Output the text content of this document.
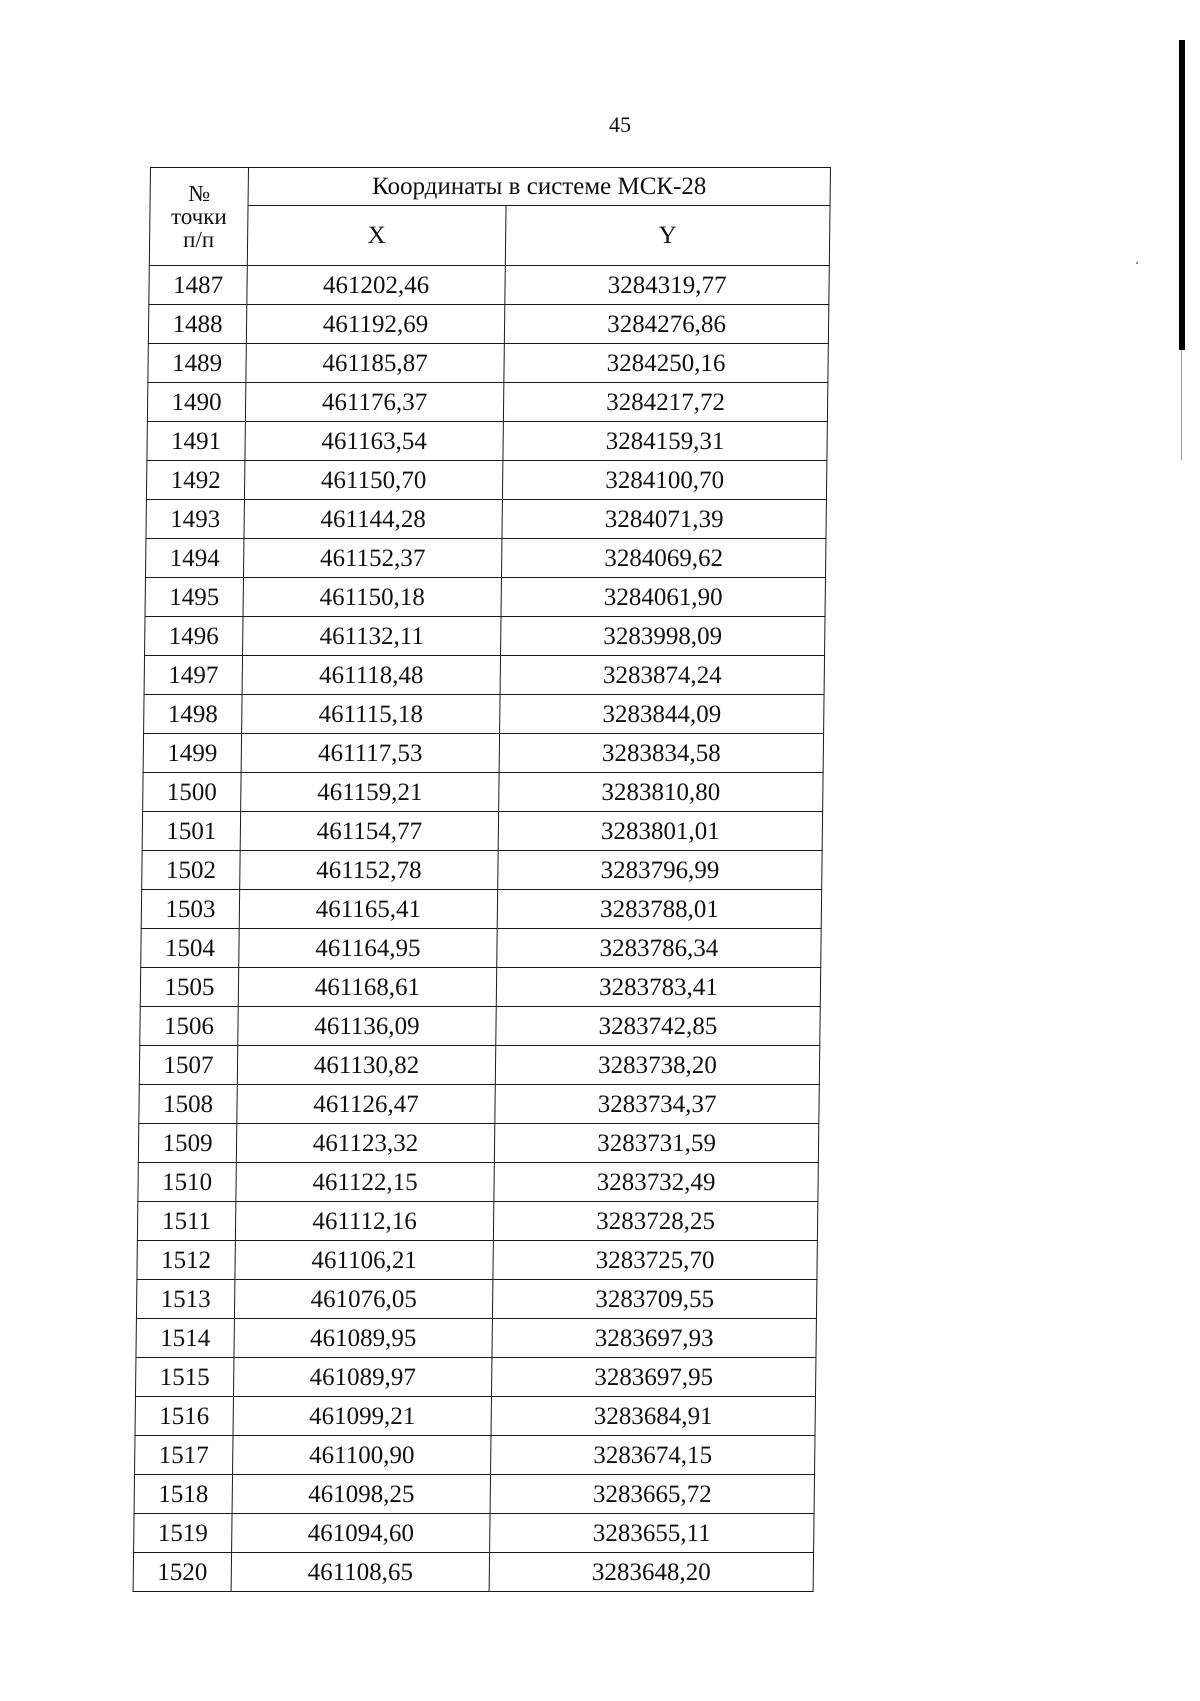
45
№
точки
п/п	Координаты в системе МСК-28	
	X	Y
1487	461202,46	3284319,77
1488	461192,69	3284276,86
1489	461185,87	3284250,16
1490	461176,37	3284217,72
1491	461163,54	3284159,31
1492	461150,70	3284100,70
1493	461144,28	3284071,39
1494	461152,37	3284069,62
1495	461150,18	3284061,90
1496	461132,11	3283998,09
1497	461118,48	3283874,24
1498	461115,18	3283844,09
1499	461117,53	3283834,58
1500	461159,21	3283810,80
1501	461154,77	3283801,01
1502	461152,78	3283796,99
1503	461165,41	3283788,01
1504	461164,95	3283786,34
1505	461168,61	3283783,41
1506	461136,09	3283742,85
1507	461130,82	3283738,20
1508	461126,47	3283734,37
1509	461123,32	3283731,59
1510	461122,15	3283732,49
1511	461112,16	3283728,25
1512	461106,21	3283725,70
1513	461076,05	3283709,55
1514	461089,95	3283697,93
1515	461089,97	3283697,95
1516	461099,21	3283684,91
1517	461100,90	3283674,15
1518	461098,25	3283665,72
1519	461094,60	3283655,11
1520	461108,65	3283648,20
